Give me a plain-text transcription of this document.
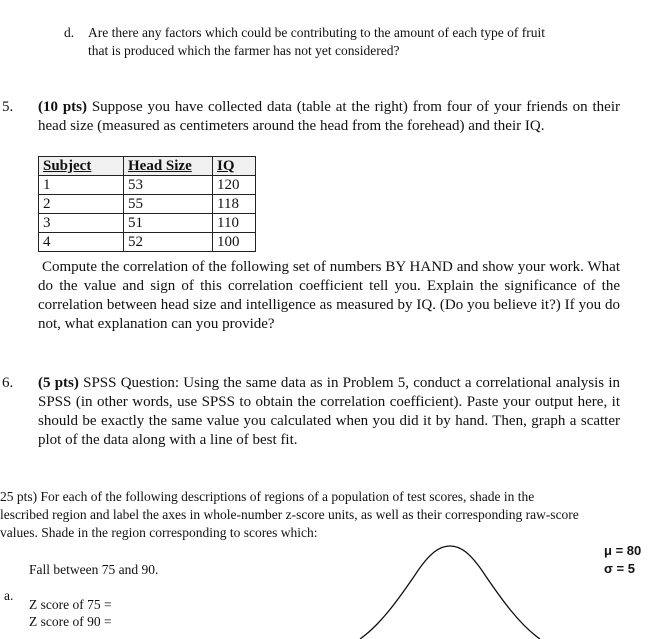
d. Are there any factors which could be contributing to the amount of each type of fruit
that is produced which the farmer has not yet considered?
5. (10 pts) Suppose you have collected data (table at the right) from four of your friends on their head size (measured as centimeters around the head from the forehead) and their IQ.
Subject	Head Size	IQ
1	53	120
2	55	118
3	51	110
4	52	100
Compute the correlation of the following set of numbers BY HAND and show your work. What do the value and sign of this correlation coefficient tell you. Explain the significance of the correlation between head size and intelligence as measured by IQ. (Do you believe it?) If you do not, what explanation can you provide?
6. (5 pts) SPSS Question: Using the same data as in Problem 5, conduct a correlational analysis in SPSS (in other words, use SPSS to obtain the correlation coefficient). Paste your output here, it should be exactly the same value you calculated when you did it by hand. Then, graph a scatter plot of the data along with a line of best fit.
25 pts) For each of the following descriptions of regions of a population of test scores, shade in the
lescribed region and label the axes in whole-number z-score units, as well as their corresponding raw-score
values. Shade in the region corresponding to scores which:
Fall between 75 and 90.
a.
Z score of 75 =
Z score of 90 =
μ = 80
σ = 5
